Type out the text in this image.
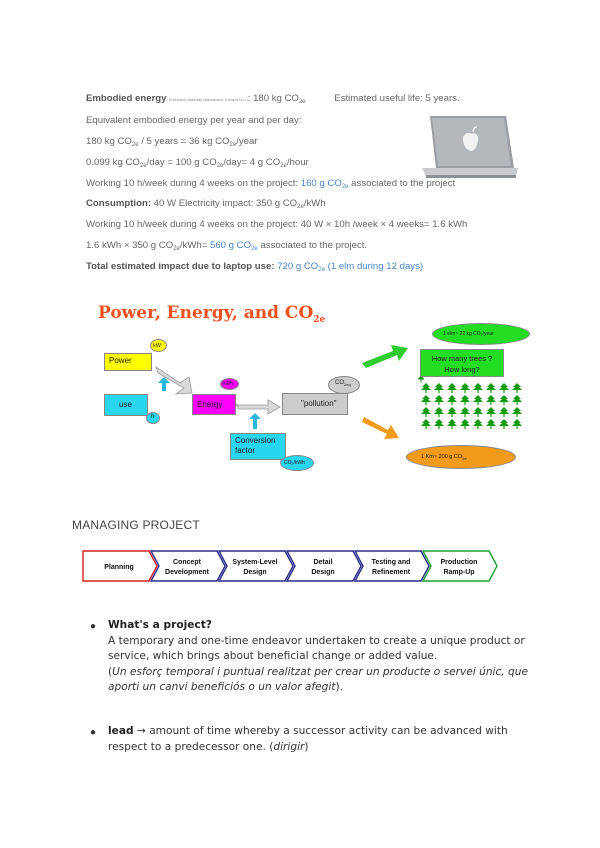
Embodied energy (Extraction-Materials-Manufacture-Transport-Co.): 180 kg $CO_{2e}$	Estimated useful life: 5 years.
Equivalent embodied energy per year and per day:
180 kg $CO_{2e} / 5$ years = 36 kg $CO_{2e}$/year
0.099 kg $CO_{2e}$/day = 100 g $CO_{2e}/day= 4$ g $CO_{2e}$/hour
Working 10 h/week during 4 weeks on the project: 160 g $CO_{2e}$ associated to the project
Consumption: 40 W Electricity impact: 350 g $CO_{2e}$/kWh
Working 10 h/week during 4 weeks on the project: 40 W × 10h /week × 4 weeks= 1.6 kWh
1.6 kWh × 350 g $CO_{2e}/kWh= 560$ g $CO_{2e}$ associated to the project.
Total estimated impact due to laptop use: 720 g $CO_{2e}$ (1 elm during 12 days)
Power, Energy, and $CO_{2e}$
Power
kW
use
h
Energy
kWh
"pollution"
$CO_{2eq}$
Conversion factor
CO₂/kWh
1 elm~ 22 kg CO₂/year
How many trees ?
How long?
1 Km~ 200 g $CO_{2e}$
MANAGING PROJECT
Planning
Concept
Development
System-Level
Design
Detail
Design
Testing and
Refinement
Production
Ramp-Up
● What's a project?
A temporary and one-time endeavor undertaken to create a unique product or service, which brings about beneficial change or added value.
(Un esforç temporal i puntual realitzat per crear un producte o servei únic, que aporti un canvi beneficiós o un valor afegit).
● lead → amount of time whereby a successor activity can be advanced with respect to a predecessor one. (dirigir)
